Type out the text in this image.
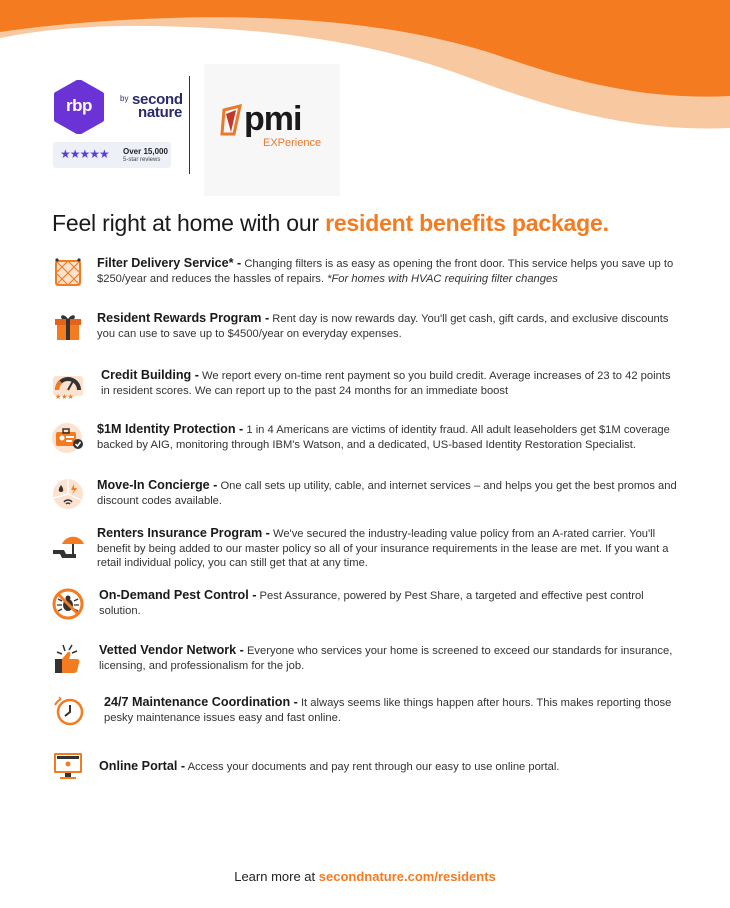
rbp	by second
nature
★★★★★ Over 15,000
5-star reviews
pmi
EXPerience
Feel right at home with our resident benefits package.
Filter Delivery Service* - Changing filters is as easy as opening the front door. This service helps you save up to $250/year and reduces the hassles of repairs. *For homes with HVAC requiring filter changes
Resident Rewards Program - Rent day is now rewards day. You'll get cash, gift cards, and exclusive discounts you can use to save up to $4500/year on everyday expenses.
★★★
Credit Building - We report every on-time rent payment so you build credit. Average increases of 23 to 42 points in resident scores. We can report up to the past 24 months for an immediate boost
$1M Identity Protection - 1 in 4 Americans are victims of identity fraud. All adult leaseholders get $1M coverage backed by AIG, monitoring through IBM's Watson, and a dedicated, US-based Identity Restoration Specialist.
Move-In Concierge - One call sets up utility, cable, and internet services – and helps you get the best promos and discount codes available.
Renters Insurance Program - We've secured the industry-leading value policy from an A-rated carrier. You'll benefit by being added to our master policy so all of your insurance requirements in the lease are met. If you want a retail individual policy, you can still get that at any time.
On-Demand Pest Control - Pest Assurance, powered by Pest Share, a targeted and effective pest control solution.
Vetted Vendor Network - Everyone who services your home is screened to exceed our standards for insurance, licensing, and professionalism for the job.
24/7 Maintenance Coordination - It always seems like things happen after hours. This makes reporting those pesky maintenance issues easy and fast online.
Online Portal - Access your documents and pay rent through our easy to use online portal.
Learn more at secondnature.com/residents
